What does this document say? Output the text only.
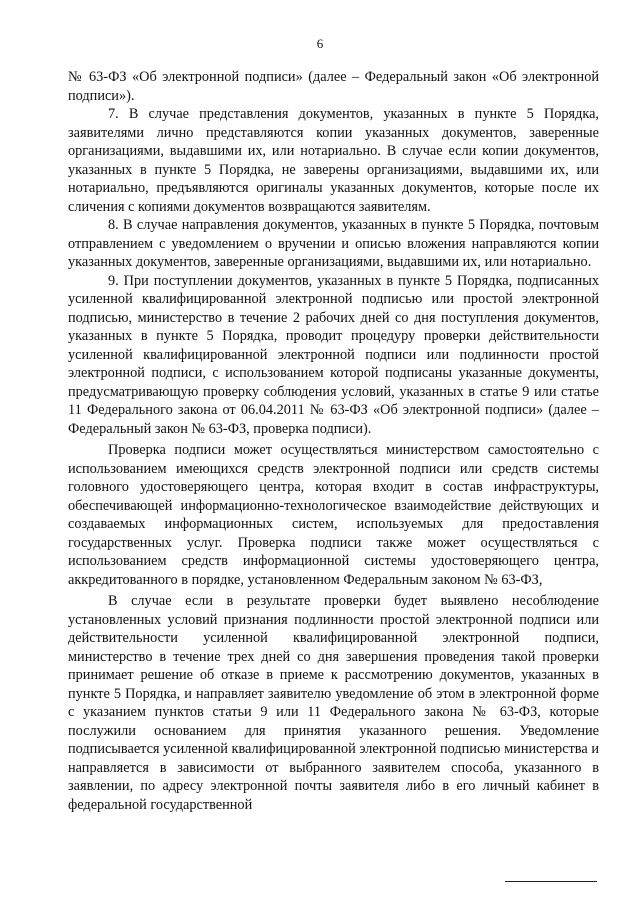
6

№ 63-ФЗ «Об электронной подписи» (далее – Федеральный закон «Об электронной подписи»).

7. В случае представления документов, указанных в пункте 5 Порядка, заявителями лично представляются копии указанных документов, заверенные организациями, выдавшими их, или нотариально. В случае если копии документов, указанных в пункте 5 Порядка, не заверены организациями, выдавшими их, или нотариально, предъявляются оригиналы указанных документов, которые после их сличения с копиями документов возвращаются заявителям.

8. В случае направления документов, указанных в пункте 5 Порядка, почтовым отправлением с уведомлением о вручении и описью вложения направляются копии указанных документов, заверенные организациями, выдавшими их, или нотариально.

9. При поступлении документов, указанных в пункте 5 Порядка, подписанных усиленной квалифицированной электронной подписью или простой электронной подписью, министерство в течение 2 рабочих дней со дня поступления документов, указанных в пункте 5 Порядка, проводит процедуру проверки действительности усиленной квалифицированной электронной подписи или подлинности простой электронной подписи, с использованием которой подписаны указанные документы, предусматривающую проверку соблюдения условий, указанных в статье 9 или статье 11 Федерального закона от 06.04.2011 № 63-ФЗ «Об электронной подписи» (далее – Федеральный закон № 63-ФЗ, проверка подписи).

Проверка подписи может осуществляться министерством самостоятельно с использованием имеющихся средств электронной подписи или средств системы головного удостоверяющего центра, которая входит в состав инфраструктуры, обеспечивающей информационно-технологическое взаимодействие действующих и создаваемых информационных систем, используемых для предоставления государственных услуг. Проверка подписи также может осуществляться с использованием средств информационной системы удостоверяющего центра, аккредитованного в порядке, установленном Федеральным законом № 63-ФЗ,

В случае если в результате проверки будет выявлено несоблюдение установленных условий признания подлинности простой электронной подписи или действительности усиленной квалифицированной электронной подписи, министерство в течение трех дней со дня завершения проведения такой проверки принимает решение об отказе в приеме к рассмотрению документов, указанных в пункте 5 Порядка, и направляет заявителю уведомление об этом в электронной форме с указанием пунктов статьи 9 или 11 Федерального закона № 63-ФЗ, которые послужили основанием для принятия указанного решения. Уведомление подписывается усиленной квалифицированной электронной подписью министерства и направляется в зависимости от выбранного заявителем способа, указанного в заявлении, по адресу электронной почты заявителя либо в его личный кабинет в федеральной государственной
